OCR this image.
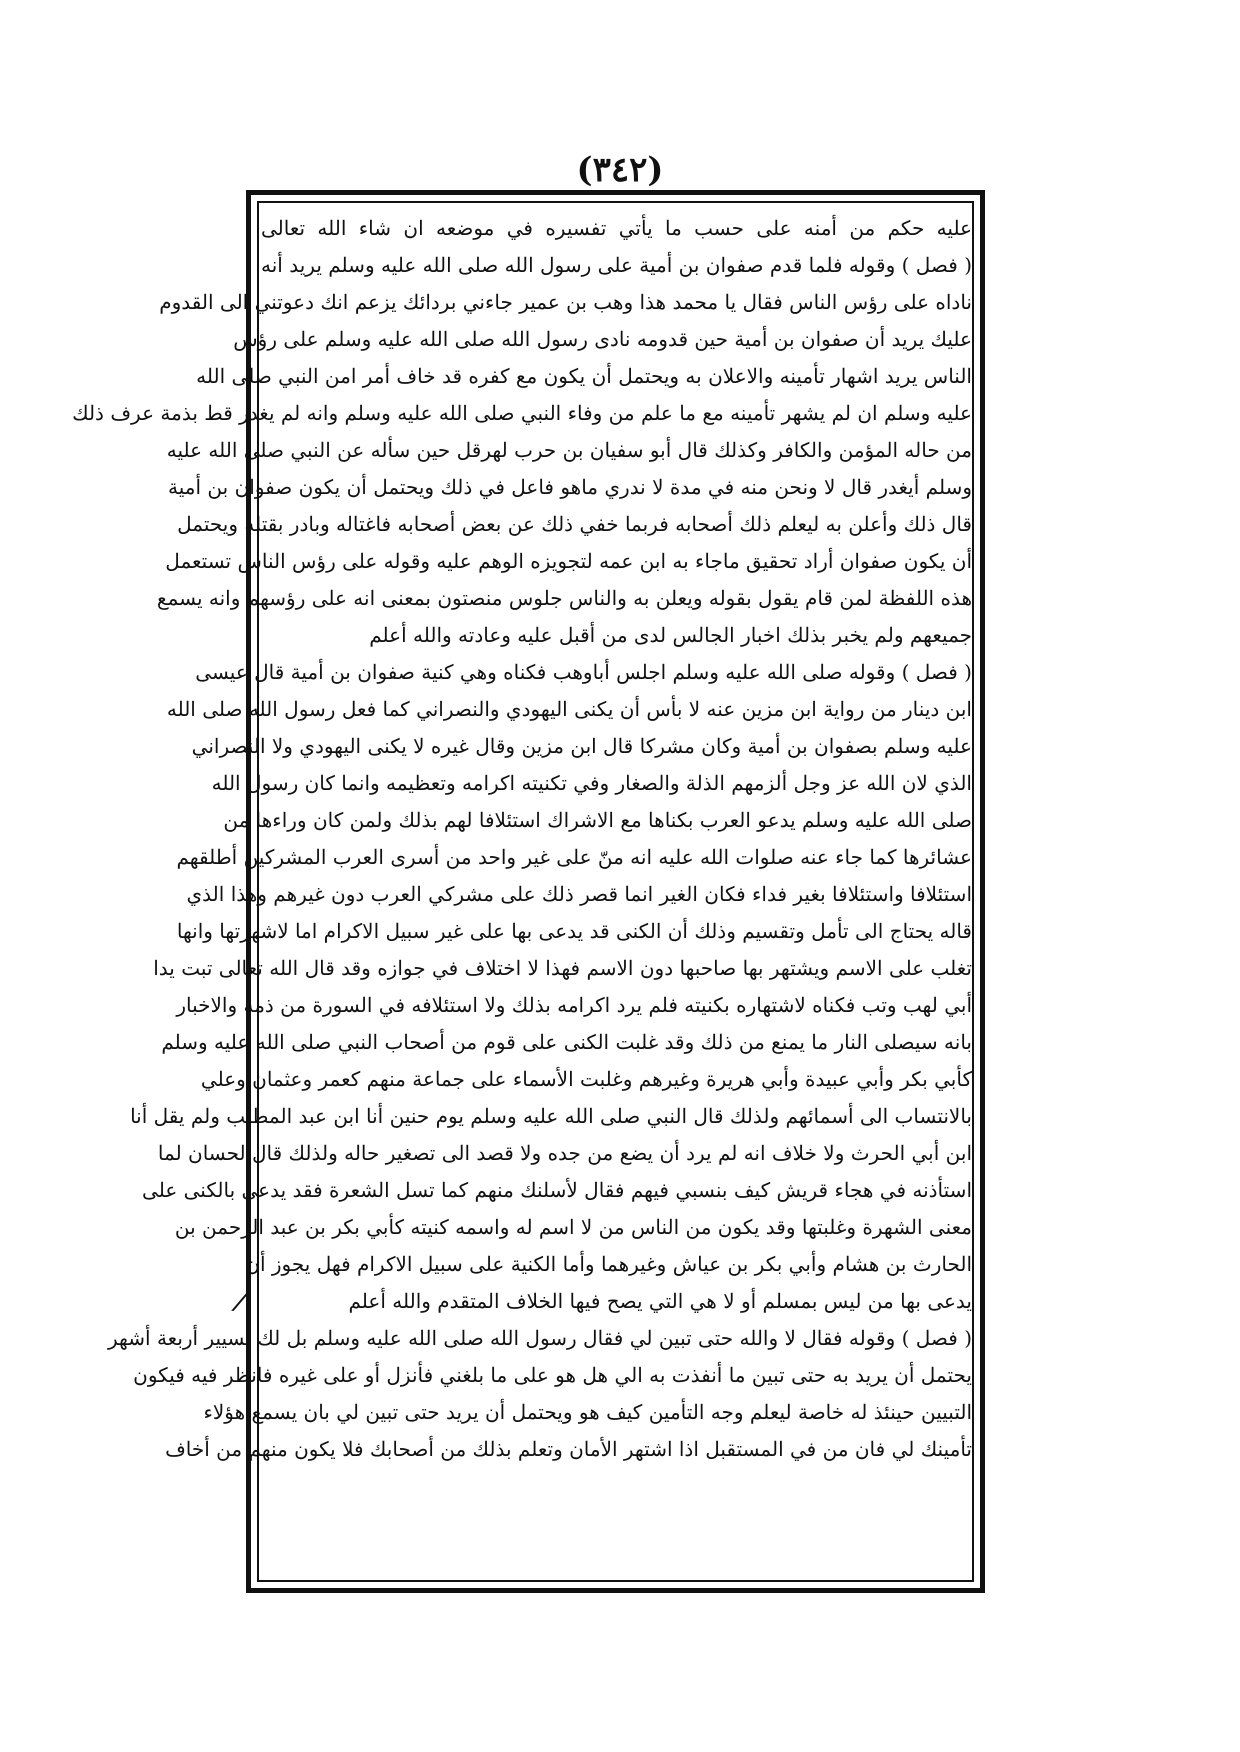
(٣٤٢)
⟋
عليه حكم من أمنه على حسب ما يأتي تفسيره في موضعه ان شاء الله تعالى
( فصل ) وقوله فلما قدم صفوان بن أمية على رسول الله صلى الله عليه وسلم يريد أنه
ناداه على رؤس الناس فقال يا محمد هذا وهب بن عمير جاءني بردائك يزعم انك دعوتني الى القدوم
عليك يريد أن صفوان بن أمية حين قدومه نادى رسول الله صلى الله عليه وسلم على رؤس
الناس يريد اشهار تأمينه والاعلان به ويحتمل أن يكون مع كفره قد خاف أمر امن النبي صلى الله
عليه وسلم ان لم يشهر تأمينه مع ما علم من وفاء النبي صلى الله عليه وسلم وانه لم يغدر قط بذمة عرف ذلك
من حاله المؤمن والكافر وكذلك قال أبو سفيان بن حرب لهرقل حين سأله عن النبي صلى الله عليه
وسلم أيغدر قال لا ونحن منه في مدة لا ندري ماهو فاعل في ذلك ويحتمل أن يكون صفوان بن أمية
قال ذلك وأعلن به ليعلم ذلك أصحابه فربما خفي ذلك عن بعض أصحابه فاغتاله وبادر بقتله ويحتمل
أن يكون صفوان أراد تحقيق ماجاء به ابن عمه لتجويزه الوهم عليه وقوله على رؤس الناس تستعمل
هذه اللفظة لمن قام يقول بقوله ويعلن به والناس جلوس منصتون بمعنى انه على رؤسهم وانه يسمع
جميعهم ولم يخبر بذلك اخبار الجالس لدى من أقبل عليه وعادته والله أعلم
( فصل ) وقوله صلى الله عليه وسلم اجلس أباوهب فكناه وهي كنية صفوان بن أمية قال عيسى
ابن دينار من رواية ابن مزين عنه لا بأس أن يكنى اليهودي والنصراني كما فعل رسول الله صلى الله
عليه وسلم بصفوان بن أمية وكان مشركا قال ابن مزين وقال غيره لا يكنى اليهودي ولا النصراني
الذي لان الله عز وجل ألزمهم الذلة والصغار وفي تكنيته اكرامه وتعظيمه وانما كان رسول الله
صلى الله عليه وسلم يدعو العرب بكناها مع الاشراك استئلافا لهم بذلك ولمن كان وراءها من
عشائرها كما جاء عنه صلوات الله عليه انه منّ على غير واحد من أسرى العرب المشركين أطلقهم
استئلافا واستئلافا بغير فداء فكان الغير انما قصر ذلك على مشركي العرب دون غيرهم وهذا الذي
قاله يحتاج الى تأمل وتقسيم وذلك أن الكنى قد يدعى بها على غير سبيل الاكرام اما لاشهرتها وانها
تغلب على الاسم ويشتهر بها صاحبها دون الاسم فهذا لا اختلاف في جوازه وقد قال الله تعالى تبت يدا
أبي لهب وتب فكناه لاشتهاره بكنيته فلم يرد اكرامه بذلك ولا استئلافه في السورة من ذمه والاخبار
بانه سيصلى النار ما يمنع من ذلك وقد غلبت الكنى على قوم من أصحاب النبي صلى الله عليه وسلم
كأبي بكر وأبي عبيدة وأبي هريرة وغيرهم وغلبت الأسماء على جماعة منهم كعمر وعثمان وعلي
بالانتساب الى أسمائهم ولذلك قال النبي صلى الله عليه وسلم يوم حنين أنا ابن عبد المطلب ولم يقل أنا
ابن أبي الحرث ولا خلاف انه لم يرد أن يضع من جده ولا قصد الى تصغير حاله ولذلك قال لحسان لما
استأذنه في هجاء قريش كيف بنسبي فيهم فقال لأسلنك منهم كما تسل الشعرة فقد يدعى بالكنى على
معنى الشهرة وغلبتها وقد يكون من الناس من لا اسم له واسمه كنيته كأبي بكر بن عبد الرحمن بن
الحارث بن هشام وأبي بكر بن عياش وغيرهما وأما الكنية على سبيل الاكرام فهل يجوز أن
يدعى بها من ليس بمسلم أو لا هي التي يصح فيها الخلاف المتقدم والله أعلم
( فصل ) وقوله فقال لا والله حتى تبين لي فقال رسول الله صلى الله عليه وسلم بل لك تسيير أربعة أشهر
يحتمل أن يريد به حتى تبين ما أنفذت به الي هل هو على ما بلغني فأنزل أو على غيره فانظر فيه فيكون
التبيين حينئذ له خاصة ليعلم وجه التأمين كيف هو ويحتمل أن يريد حتى تبين لي بان يسمع هؤلاء
تأمينك لي فان من في المستقبل اذا اشتهر الأمان وتعلم بذلك من أصحابك فلا يكون منهم من أخاف
